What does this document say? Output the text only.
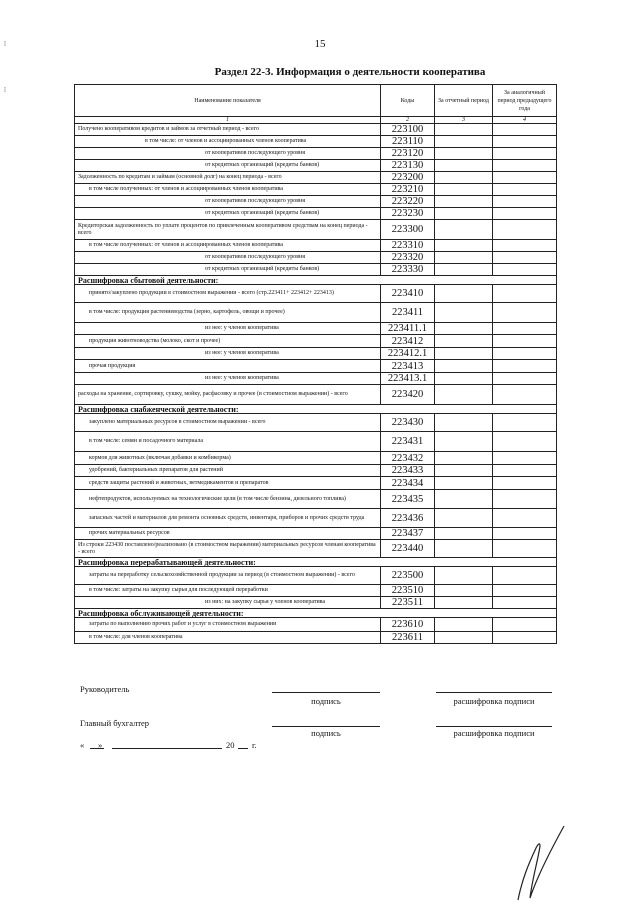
⁞
⁞
15
Раздел 22-3. Информация о деятельности кооператива
Наименование показателя	Коды	За отчетный период	За аналогичный период предыдущего года
1	2	3	4
Получено кооперативом кредитов и займов за отчетный период - всего	223100		
в том числе: от членов и ассоциированных членов кооператива	223110		
от кооперативов последующего уровня	223120		
от кредитных организаций (кредиты банков)	223130		
Задолженность по кредитам и займам (основной долг) на конец периода - всего	223200		
в том числе полученных: от членов и ассоциированных членов кооператива	223210		
от кооперативов последующего уровня	223220		
от кредитных организаций (кредиты банков)	223230		
Кредиторская задолженность по уплате процентов по привлеченным кооперативом средствам на конец периода - всего	223300		
в том числе полученных: от членов и ассоциированных членов кооператива	223310		
от кооперативов последующего уровня	223320		
от кредитных организаций (кредиты банков)	223330		
Расшифровка сбытовой деятельности:			
принято/закуплено продукции в стоимостном выражении - всего (стр.223411+ 223412+ 223413)	223410		
в том числе: продукция растениеводства (зерно, картофель, овощи и прочее)	223411		
из нее: у членов кооператива	223411.1		
продукция животноводства (молоко, скот и прочее)	223412		
из нее: у членов кооператива	223412.1		
прочая продукция	223413		
из нее: у членов кооператива	223413.1		
расходы на хранение, сортировку, сушку, мойку, расфасовку и прочее (в стоимостном выражении) - всего	223420		
Расшифровка снабженческой деятельности:			
закуплено материальных ресурсов в стоимостном выражении - всего	223430		
в том числе: семян и посадочного материала	223431		
кормов для животных (включая добавки и комбикорма)	223432		
удобрений, бактериальных препаратов для растений	223433		
средств защиты растений и животных, ветмедикаментов и препаратов	223434		
нефтепродуктов, используемых на технологические цели (в том числе бензина, дизельного топлива)	223435		
запасных частей и материалов для ремонта основных средств, инвентаря, приборов и прочих средств труда	223436		
прочих материальных ресурсов	223437		
Из строки 223430 поставлено/реализовано (в стоимостном выражении) материальных ресурсов членам кооператива - всего	223440		
Расшифровка перерабатывающей деятельности:			
затраты на переработку сельскохозяйственной продукции за период (в стоимостном выражении) - всего	223500		
в том числе: затраты на закупку сырья для последующей переработки	223510		
из них: на закупку сырья у членов кооператива	223511		
Расшифровка обслуживающей деятельности:			
затраты по выполнению прочих работ и услуг в стоимостном выражении	223610		
в том числе: для членов кооператива	223611		
Руководитель
подпись	расшифровка подписи
Главный бухгалтер
подпись	расшифровка подписи
« »	20 г.
